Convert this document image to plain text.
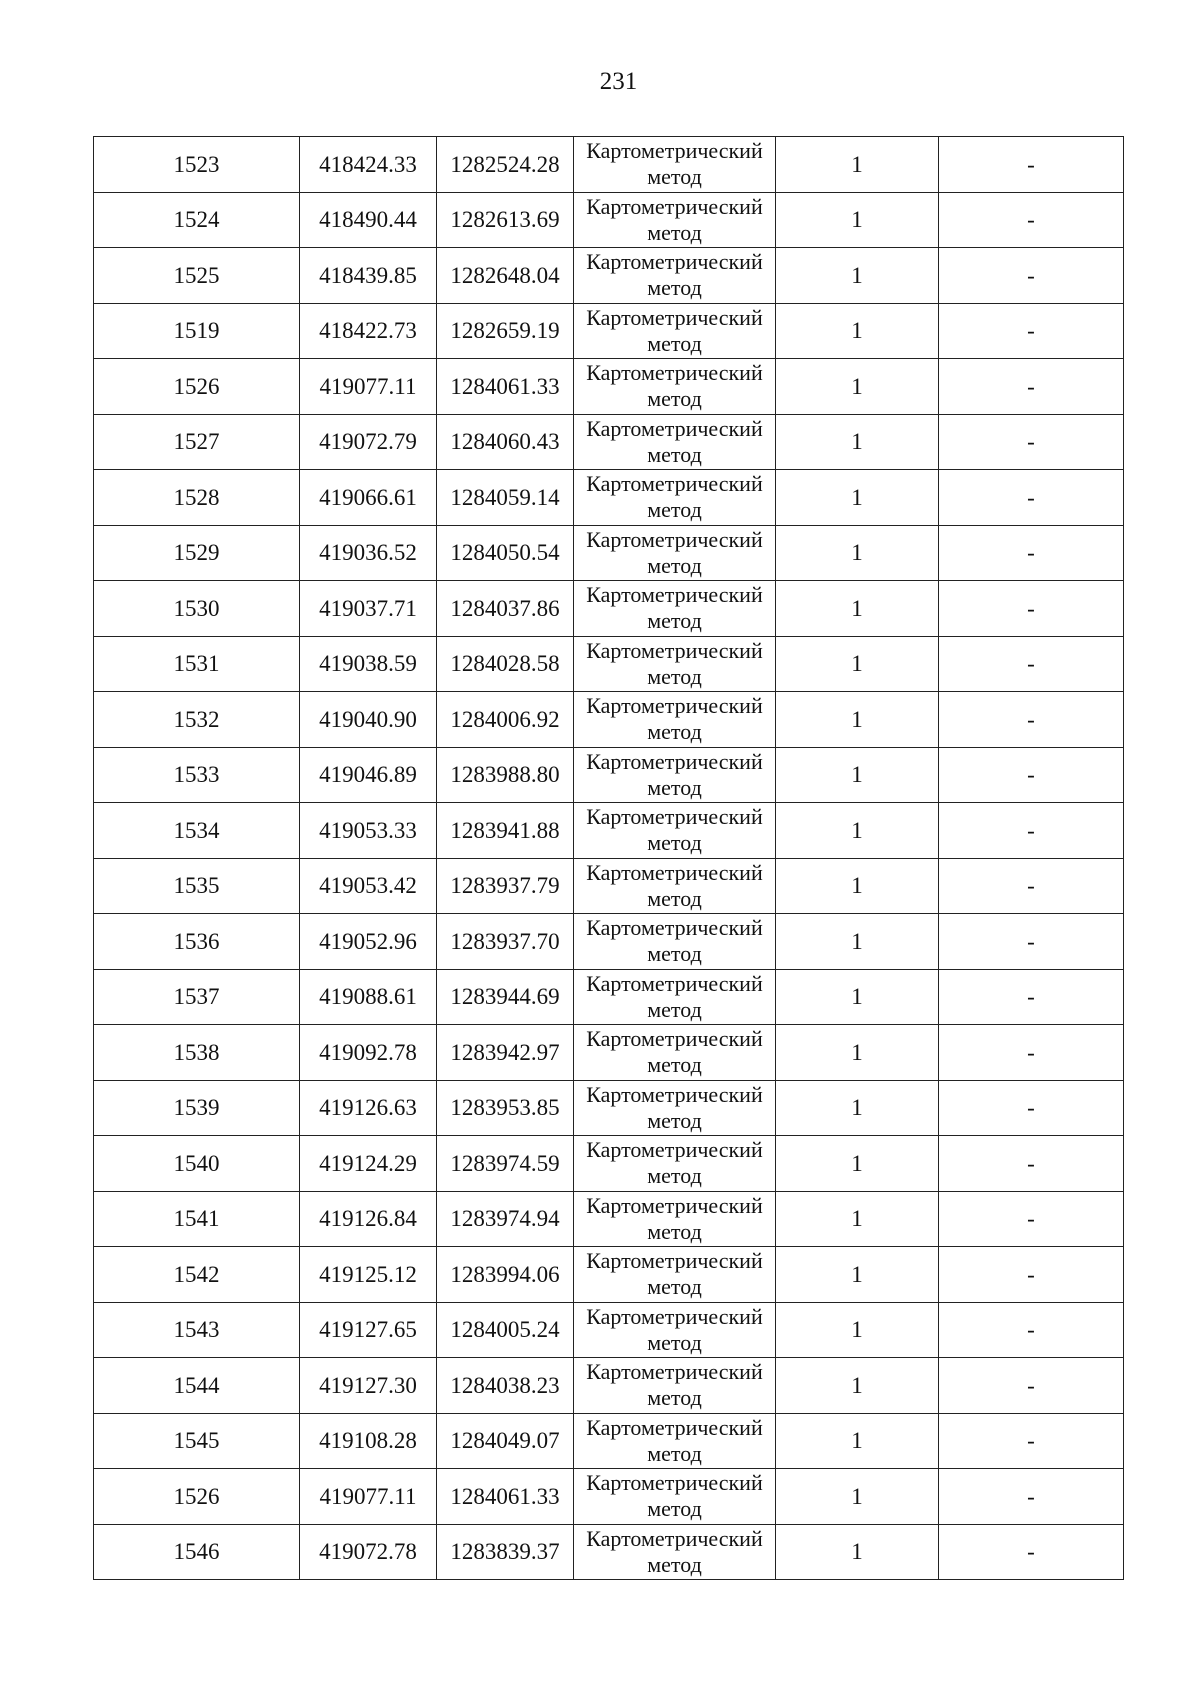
231
1523	418424.33	1282524.28	Картометрический
метод	1	-
1524	418490.44	1282613.69	Картометрический
метод	1	-
1525	418439.85	1282648.04	Картометрический
метод	1	-
1519	418422.73	1282659.19	Картометрический
метод	1	-
1526	419077.11	1284061.33	Картометрический
метод	1	-
1527	419072.79	1284060.43	Картометрический
метод	1	-
1528	419066.61	1284059.14	Картометрический
метод	1	-
1529	419036.52	1284050.54	Картометрический
метод	1	-
1530	419037.71	1284037.86	Картометрический
метод	1	-
1531	419038.59	1284028.58	Картометрический
метод	1	-
1532	419040.90	1284006.92	Картометрический
метод	1	-
1533	419046.89	1283988.80	Картометрический
метод	1	-
1534	419053.33	1283941.88	Картометрический
метод	1	-
1535	419053.42	1283937.79	Картометрический
метод	1	-
1536	419052.96	1283937.70	Картометрический
метод	1	-
1537	419088.61	1283944.69	Картометрический
метод	1	-
1538	419092.78	1283942.97	Картометрический
метод	1	-
1539	419126.63	1283953.85	Картометрический
метод	1	-
1540	419124.29	1283974.59	Картометрический
метод	1	-
1541	419126.84	1283974.94	Картометрический
метод	1	-
1542	419125.12	1283994.06	Картометрический
метод	1	-
1543	419127.65	1284005.24	Картометрический
метод	1	-
1544	419127.30	1284038.23	Картометрический
метод	1	-
1545	419108.28	1284049.07	Картометрический
метод	1	-
1526	419077.11	1284061.33	Картометрический
метод	1	-
1546	419072.78	1283839.37	Картометрический
метод	1	-
